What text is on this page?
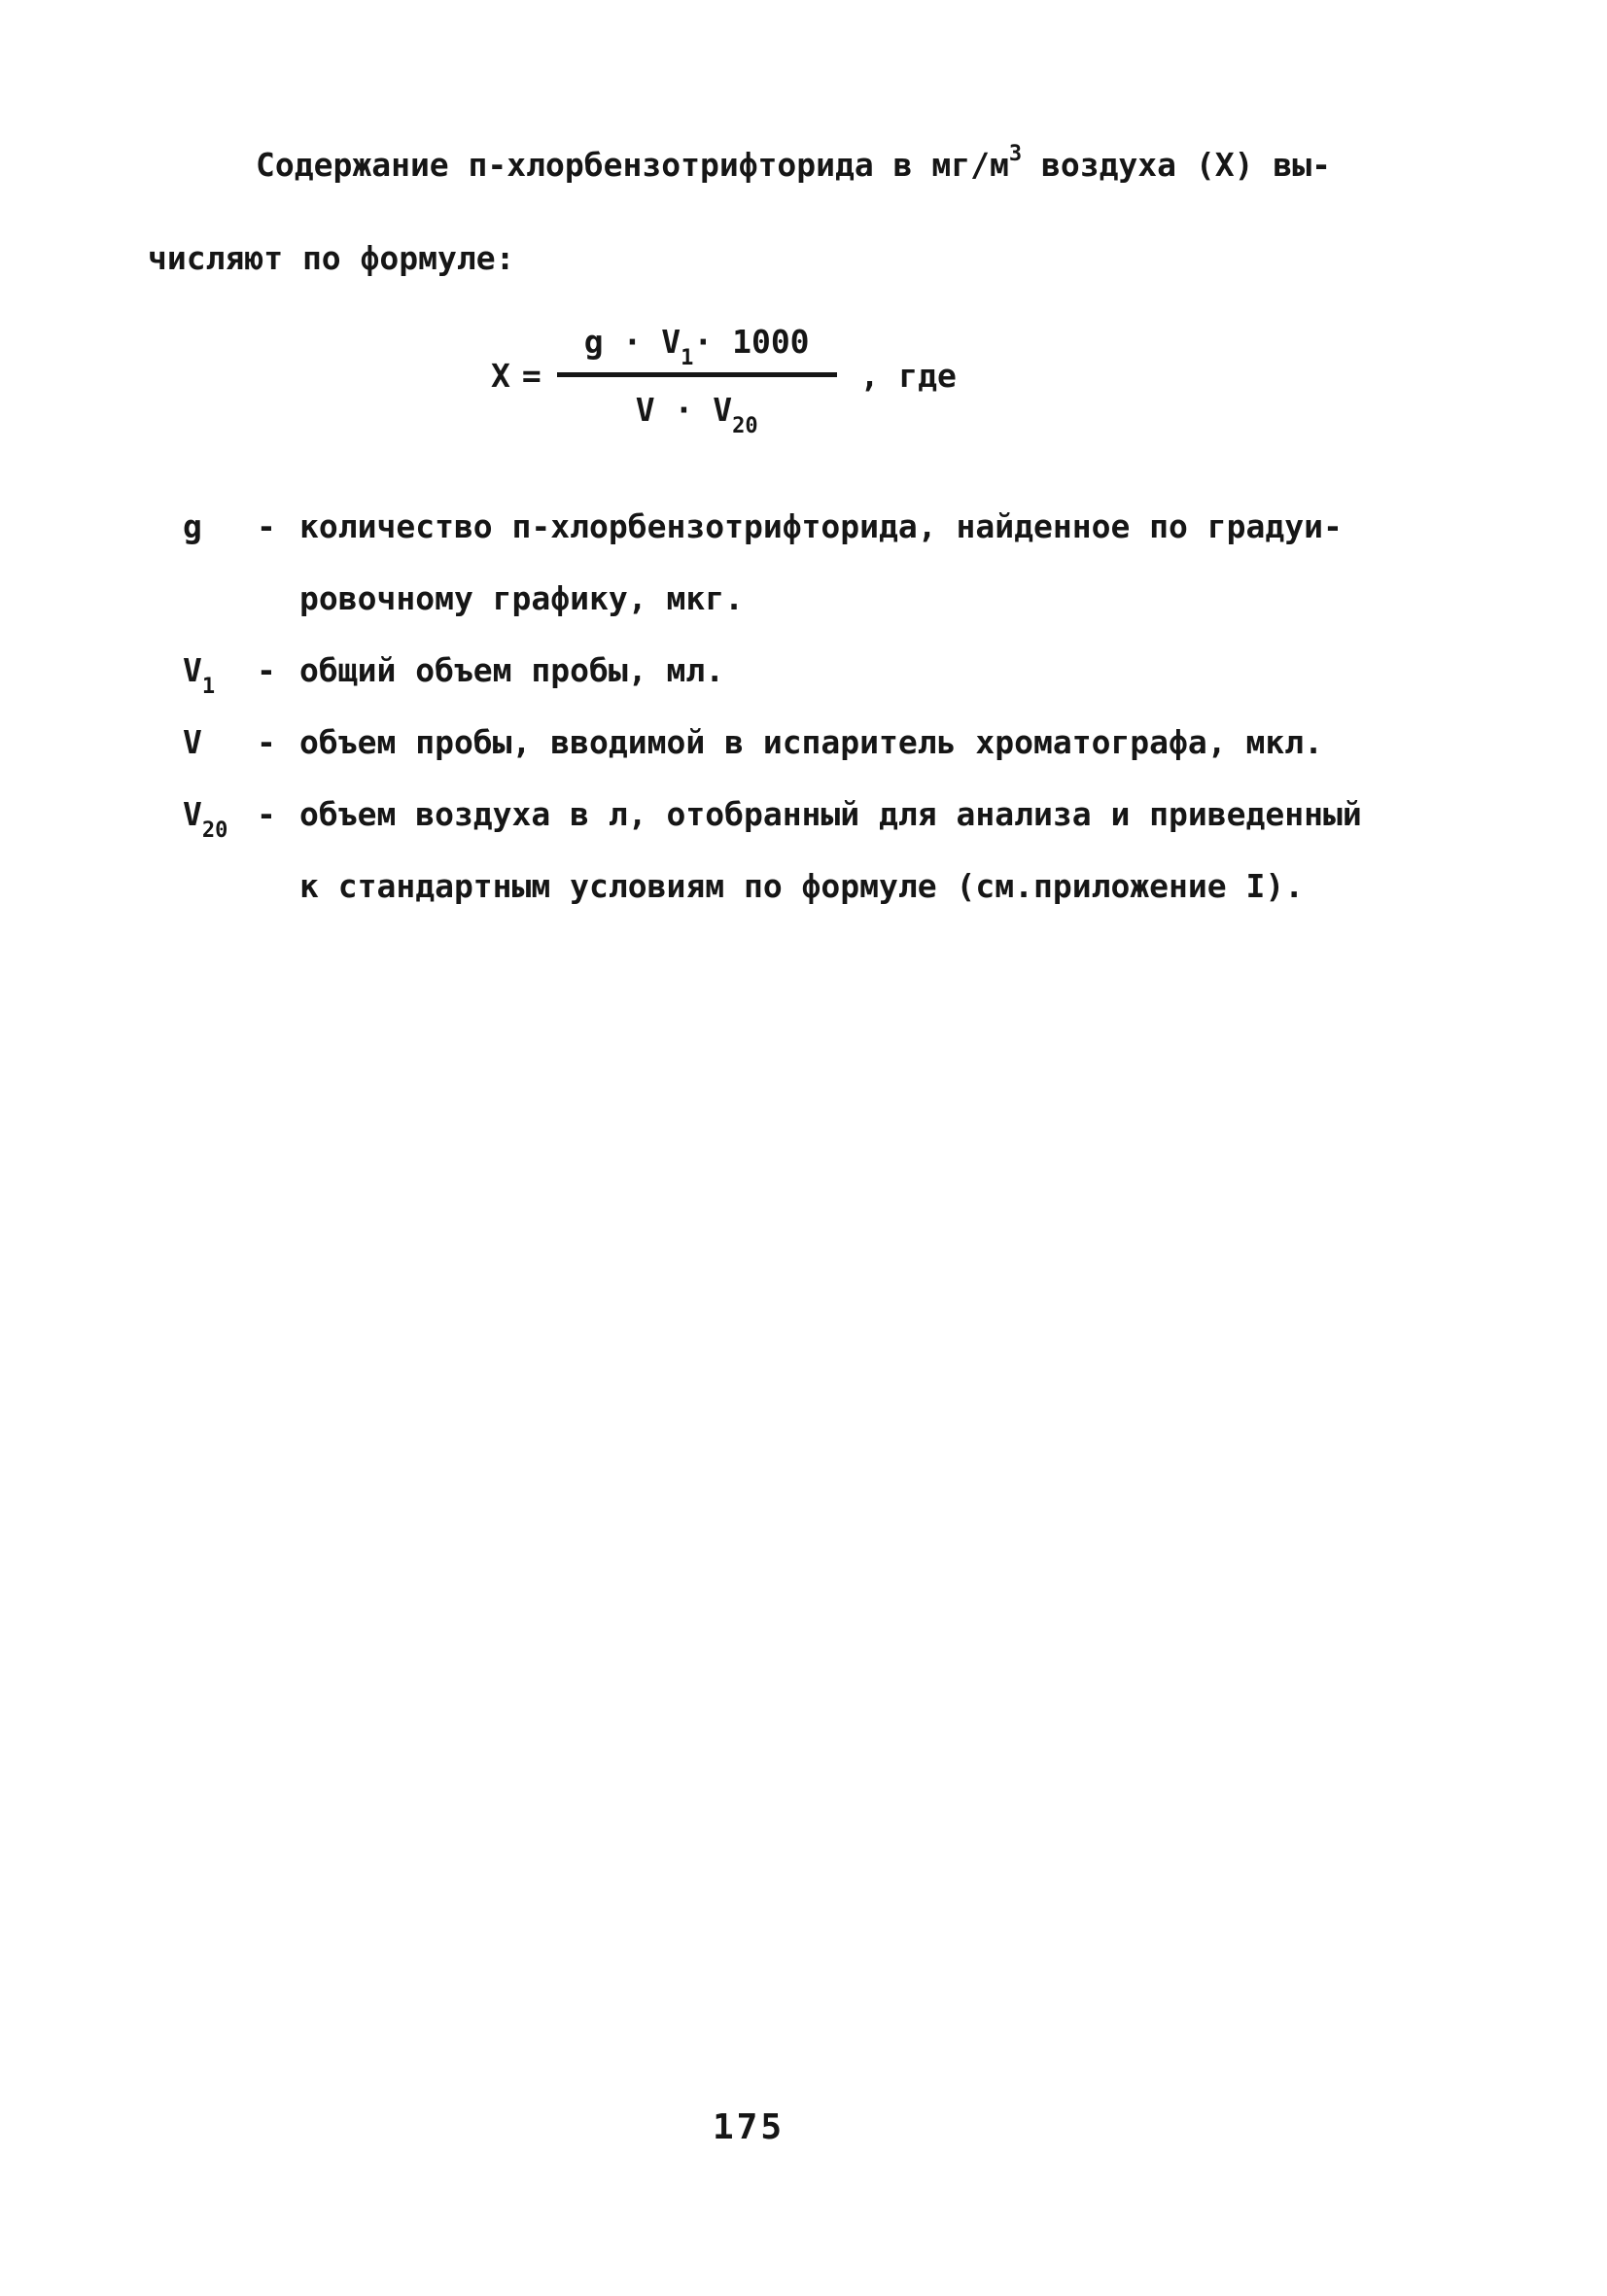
Содержание п-хлорбензотрифторида в $мг/м^3$ воздуха (X) вы-
числяют по формуле:
$X = \frac{g \cdot V_1\cdot 1000}{V \cdot V_{20}}$ , где
g	- количество п-хлорбензотрифторида, найденное по градуи-
ровочному графику, мкг.
$V_1$	- общий объем пробы, мл.
V	- объем пробы, вводимой в испаритель хроматографа, мкл.
$V_{20}$ - объем воздуха в л, отобранный для анализа и приведенный
к стандартным условиям по формуле (см.приложение I).
175
